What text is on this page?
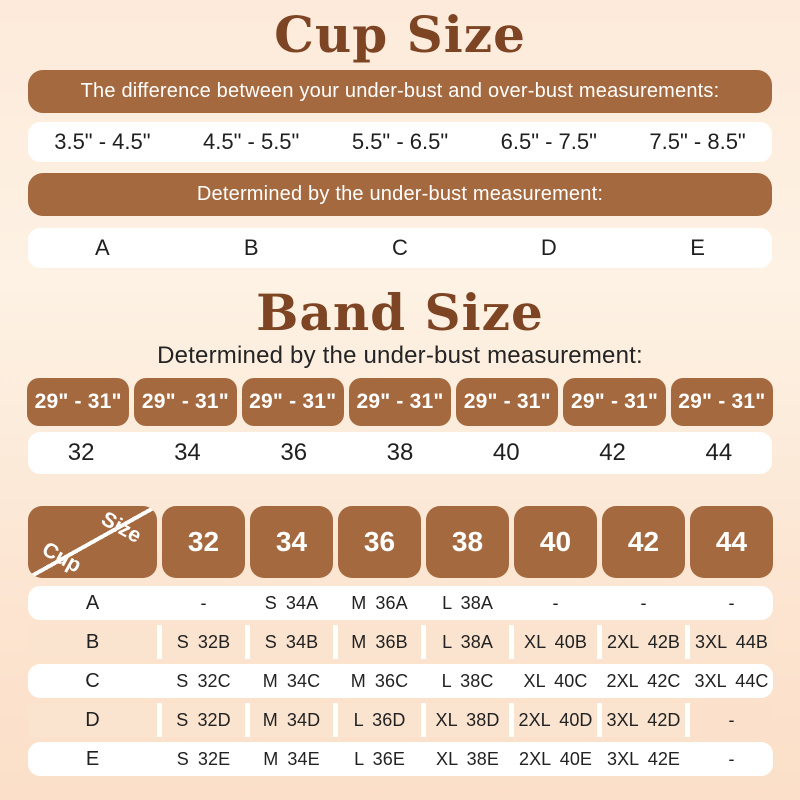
Cup Size
The difference between your under-bust and over-bust measurements:
3.5" - 4.5"	4.5" - 5.5"	5.5" - 6.5"	6.5" - 7.5"	7.5" - 8.5"
Determined by the under-bust measurement:
A	B	C	D	E
Band Size
Determined by the under-bust measurement:
29" - 31" 29" - 31" 29" - 31" 29" - 31" 29" - 31" 29" - 31" 29" - 31"
32	34	36	38	40	42	44
Size
Cup	32	34	36	38	40	42	44
A	-	S 34A	M 36A	L 38A	-	-	-
B	S 32B	S 34B	M 36B	L 38A	XL 40B	2XL 42B 3XL 44B
C	S 32C	M 34C	M 36C	L 38C	XL 40C	2XL 42C 3XL 44C
D	S 32D	M 34D	L 36D	XL 38D	2XL 40D 3XL 42D	-
E	S 32E	M 34E	L 36E	XL 38E	2XL 40E 3XL 42E	-
